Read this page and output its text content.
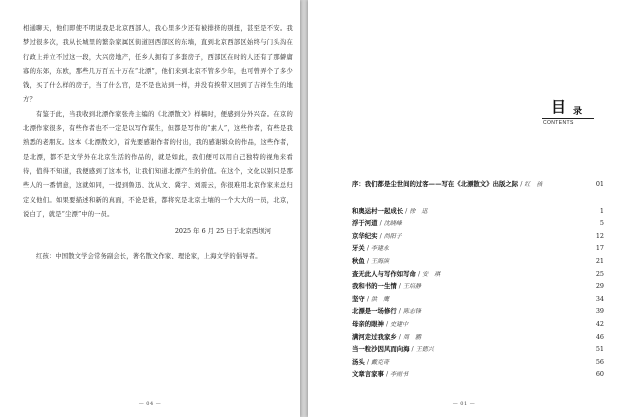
相通聊天，他们即使不明说我是北京西部人，我心里多少还有被排挤的别扭，甚至是不安。我梦过很多次，我从长城里的繁杂家属区街道回西部区的东墙，直到北京西部区始终与门头沟在行政上并立不过这一段，大兴房地产，任乡人拥有了多套房子，西部区在时的人还有了那僻庸寡的东郊，东欧，那些几万百五十万在“北漂”，他们来到北京不管多少年，也可曾弄个了多少钱，买了什么样的房子，当了什么官，是不是也站到一样，并没有挨带又回到了吉祥生生的地方？

有鉴于此，当我收到北漂作家张舟主编的《北漂散文》样稿时，便感到分外兴奋。在京的北漂作家很多，有些作者也不一定是以写作谋生，但都是写作的“素人”，这些作者，有些是我熟悉的老朋友。这本《北漂散文》，首先要感谢作者的付出，我的感谢辑众的作品，这些作者，是北漂，都不是文学外在北京生活的作品的，就是如此，我们便可以用自己独特的视角来看待，值得不知道，我便感到了这本书，让我们知道北漂产生的价值。在这个，文化以别只是那些人的一番情意，这就如同，一提到鲁迅、沈从文、冀宇、刘震云，你很难用北京作家来总归定义他们。如果要描述和新的真面，不论是谁，都将究是北京土壤的一个大大的一员，北京，说白了，就是“尘漂”中的一员。

2025 年 6 月 25 日于北京西坝河

红孩：中国散文学会常务副会长，著名散文作家、理论家，上海文学的倡导者。

— 04 —
目 录
CONTENTS
序：我们都是尘世间的过客——写在《北漂散文》出版之际 / 红　孩	01
和奥运村一起成长 / 徐　迅	1
浮于河道 / 沈晓峰	5
京华纪实 / 尚阳子	12
牙关 / 李建永	17
秋鱼 / 王海滨	21
查无此人与写作如写命 / 安　琪	25
我和书的一生情 / 王培静	29
坚守 / 洪　鹰	34
北漂是一场修行 / 陈志锋	39
母亲的眼神 / 史建中	42
满河走过我家乡 / 周　鹏	46
当一粒沙因风而向海 / 王德兴	51
汤头 / 戴克奇	56
文章言家事 / 李雨书	60
— 01 —
